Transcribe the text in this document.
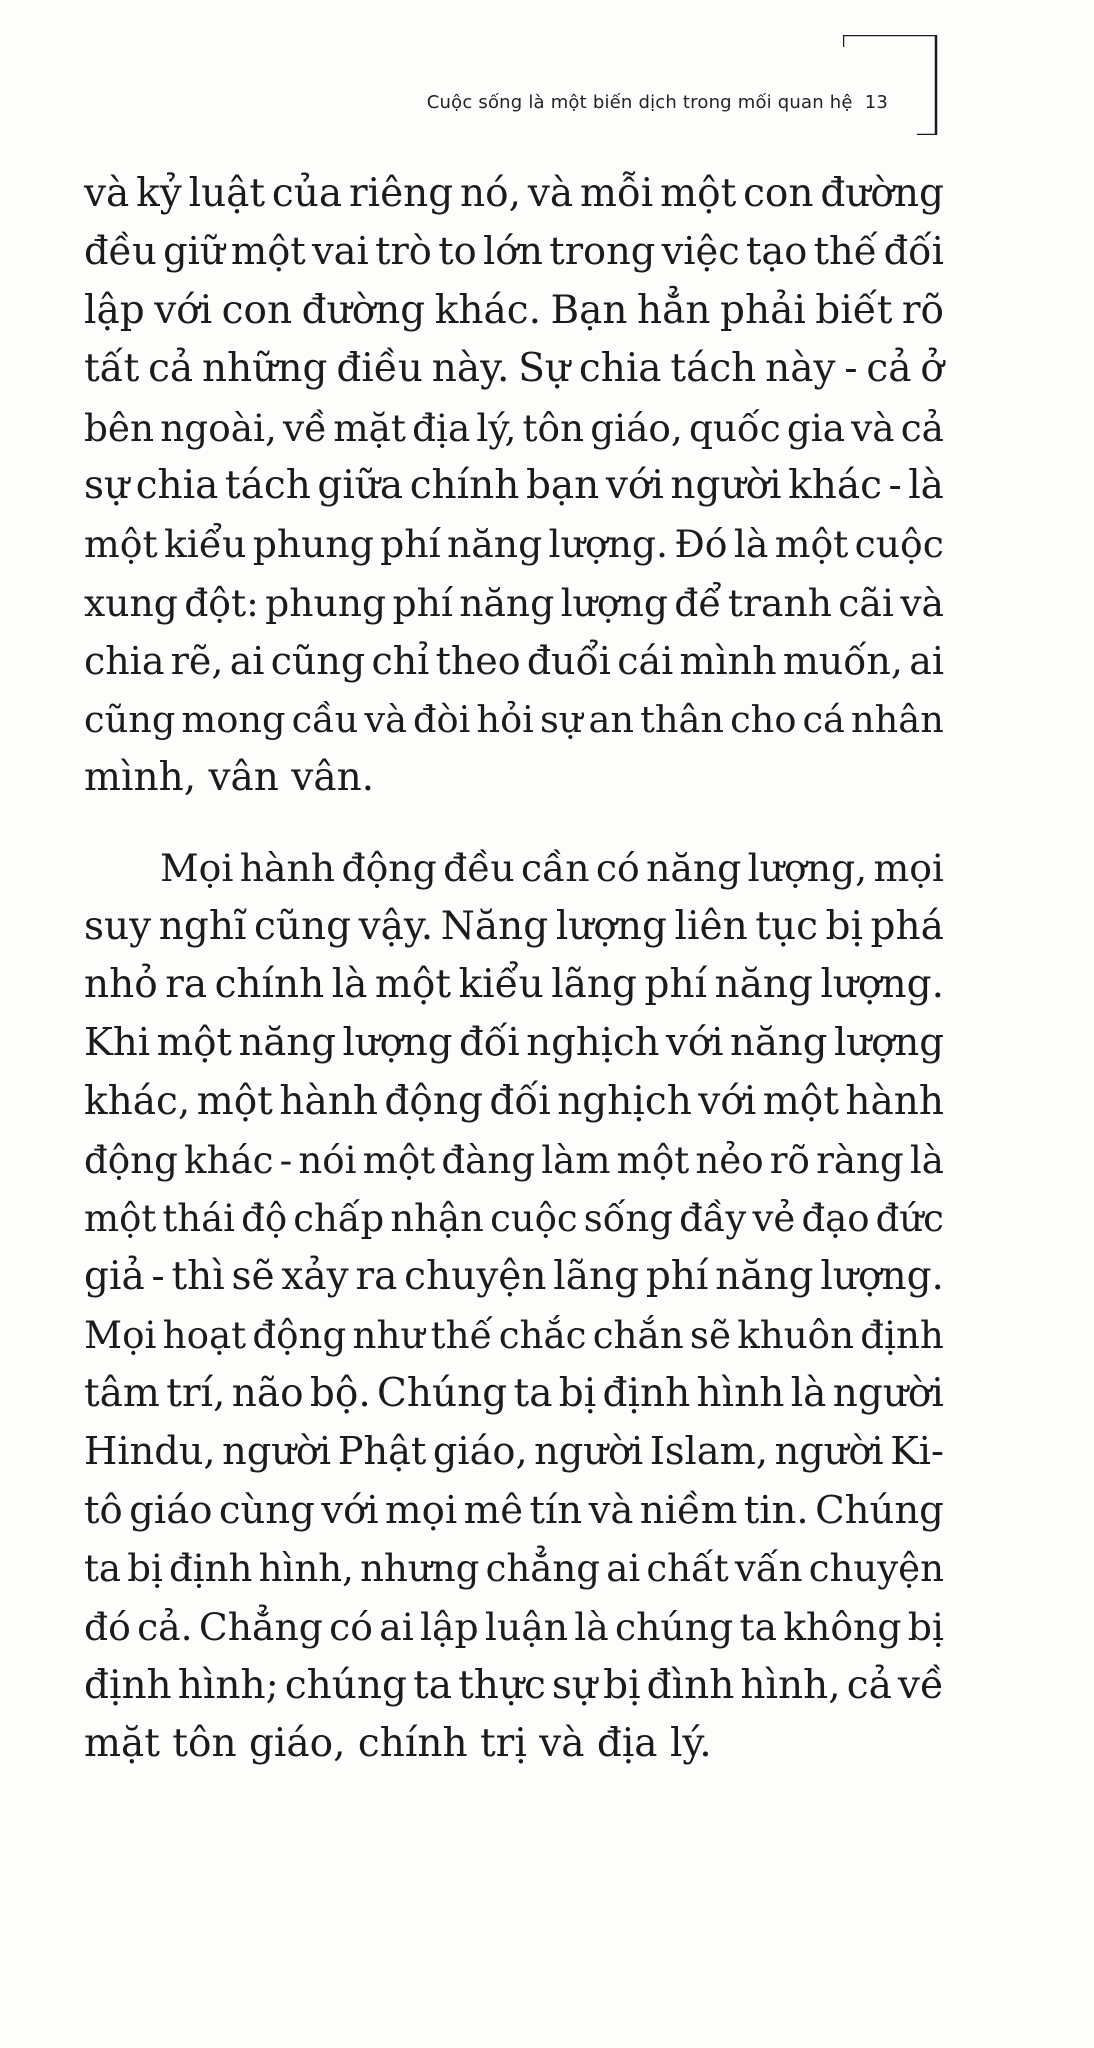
Cuộc sống là một biến dịch trong mối quan hệ 13
và kỷ luật của riêng nó, và mỗi một con đường
đều giữ một vai trò to lớn trong việc tạo thế đối
lập với con đường khác. Bạn hẳn phải biết rõ
tất cả những điều này. Sự chia tách này - cả ở
bên ngoài, về mặt địa lý, tôn giáo, quốc gia và cả
sự chia tách giữa chính bạn với người khác - là
một kiểu phung phí năng lượng. Đó là một cuộc
xung đột: phung phí năng lượng để tranh cãi và
chia rẽ, ai cũng chỉ theo đuổi cái mình muốn, ai
cũng mong cầu và đòi hỏi sự an thân cho cá nhân
mình, vân vân.
Mọi hành động đều cần có năng lượng, mọi
suy nghĩ cũng vậy. Năng lượng liên tục bị phá
nhỏ ra chính là một kiểu lãng phí năng lượng.
Khi một năng lượng đối nghịch với năng lượng
khác, một hành động đối nghịch với một hành
động khác - nói một đàng làm một nẻo rõ ràng là
một thái độ chấp nhận cuộc sống đầy vẻ đạo đức
giả - thì sẽ xảy ra chuyện lãng phí năng lượng.
Mọi hoạt động như thế chắc chắn sẽ khuôn định
tâm trí, não bộ. Chúng ta bị định hình là người
Hindu, người Phật giáo, người Islam, người Ki-
tô giáo cùng với mọi mê tín và niềm tin. Chúng
ta bị định hình, nhưng chẳng ai chất vấn chuyện
đó cả. Chẳng có ai lập luận là chúng ta không bị
định hình; chúng ta thực sự bị đình hình, cả về
mặt tôn giáo, chính trị và địa lý.
